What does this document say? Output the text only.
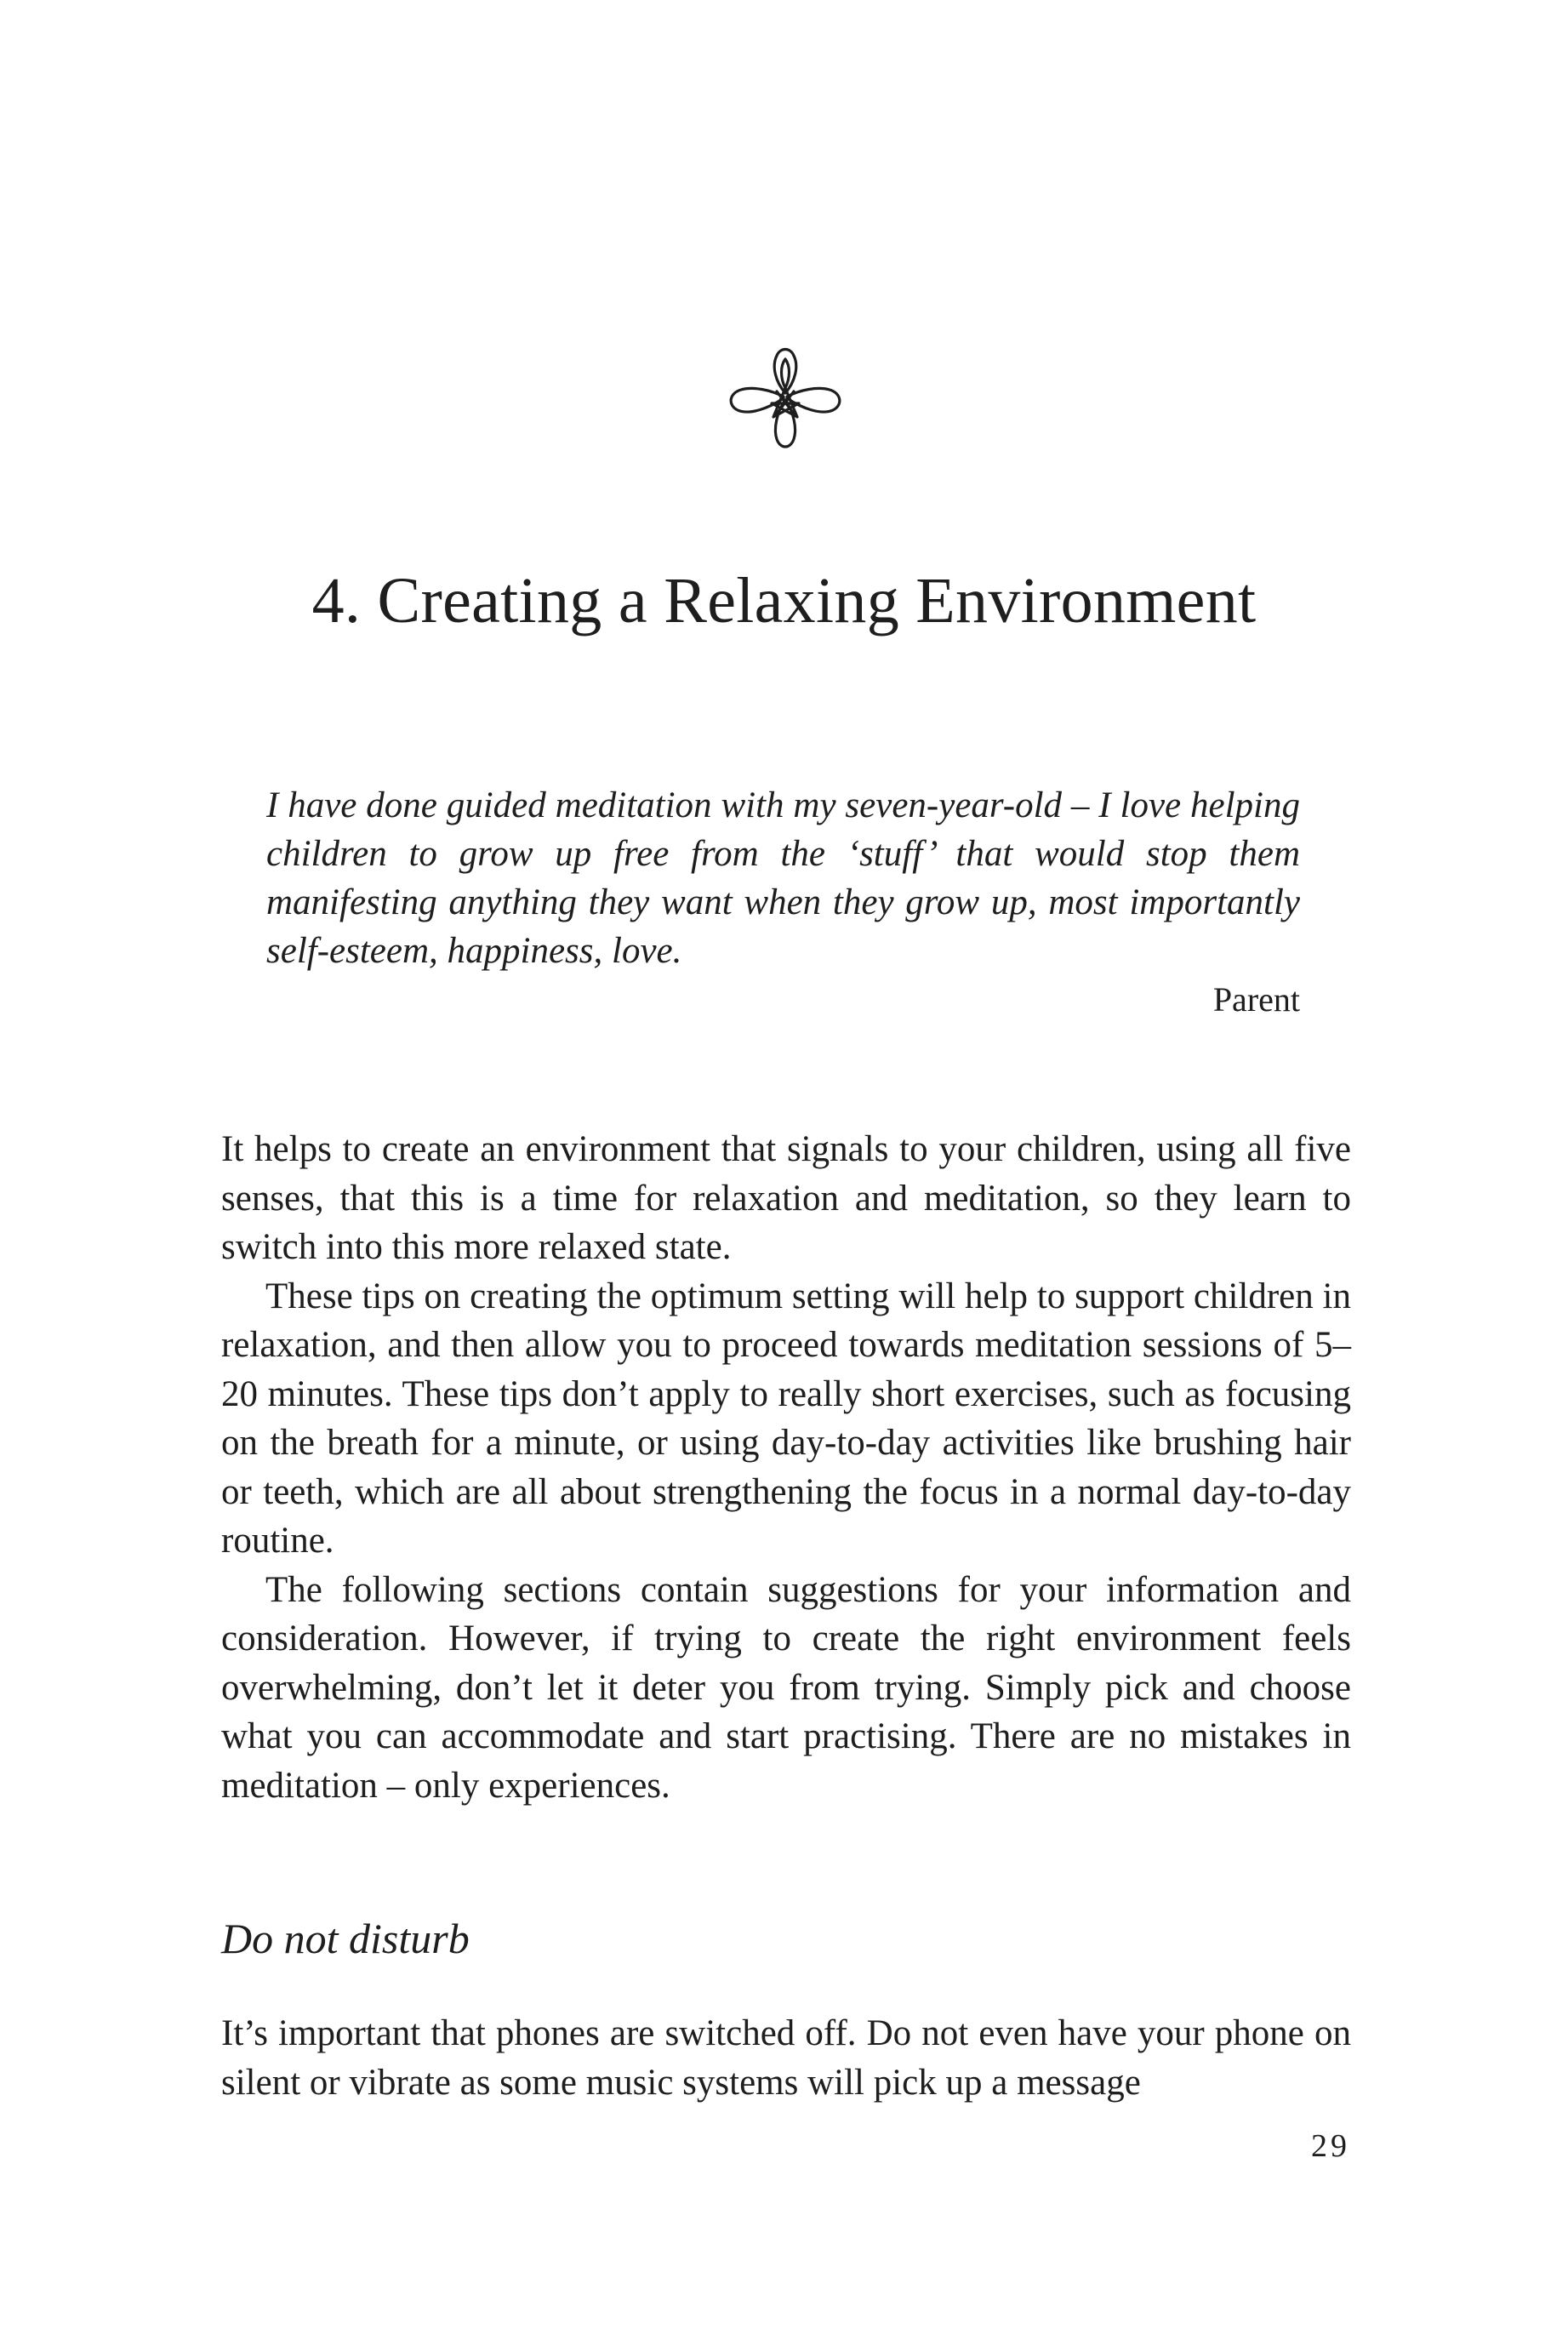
4. Creating a Relaxing Environment

I have done guided meditation with my seven-year-old – I love helping children to grow up free from the ‘stuff’ that would stop them manifesting anything they want when they grow up, most importantly self-esteem, happiness, love.

Parent

It helps to create an environment that signals to your children, using all five senses, that this is a time for relaxation and meditation, so they learn to switch into this more relaxed state.

These tips on creating the optimum setting will help to support children in relaxation, and then allow you to proceed towards meditation sessions of 5–20 minutes. These tips don’t apply to really short exercises, such as focusing on the breath for a minute, or using day-to-day activities like brushing hair or teeth, which are all about strengthening the focus in a normal day-to-day routine.

The following sections contain suggestions for your information and consideration. However, if trying to create the right environment feels overwhelming, don’t let it deter you from trying. Simply pick and choose what you can accommodate and start practising. There are no mistakes in meditation – only experiences.

Do not disturb

It’s important that phones are switched off. Do not even have your phone on silent or vibrate as some music systems will pick up a message

29
